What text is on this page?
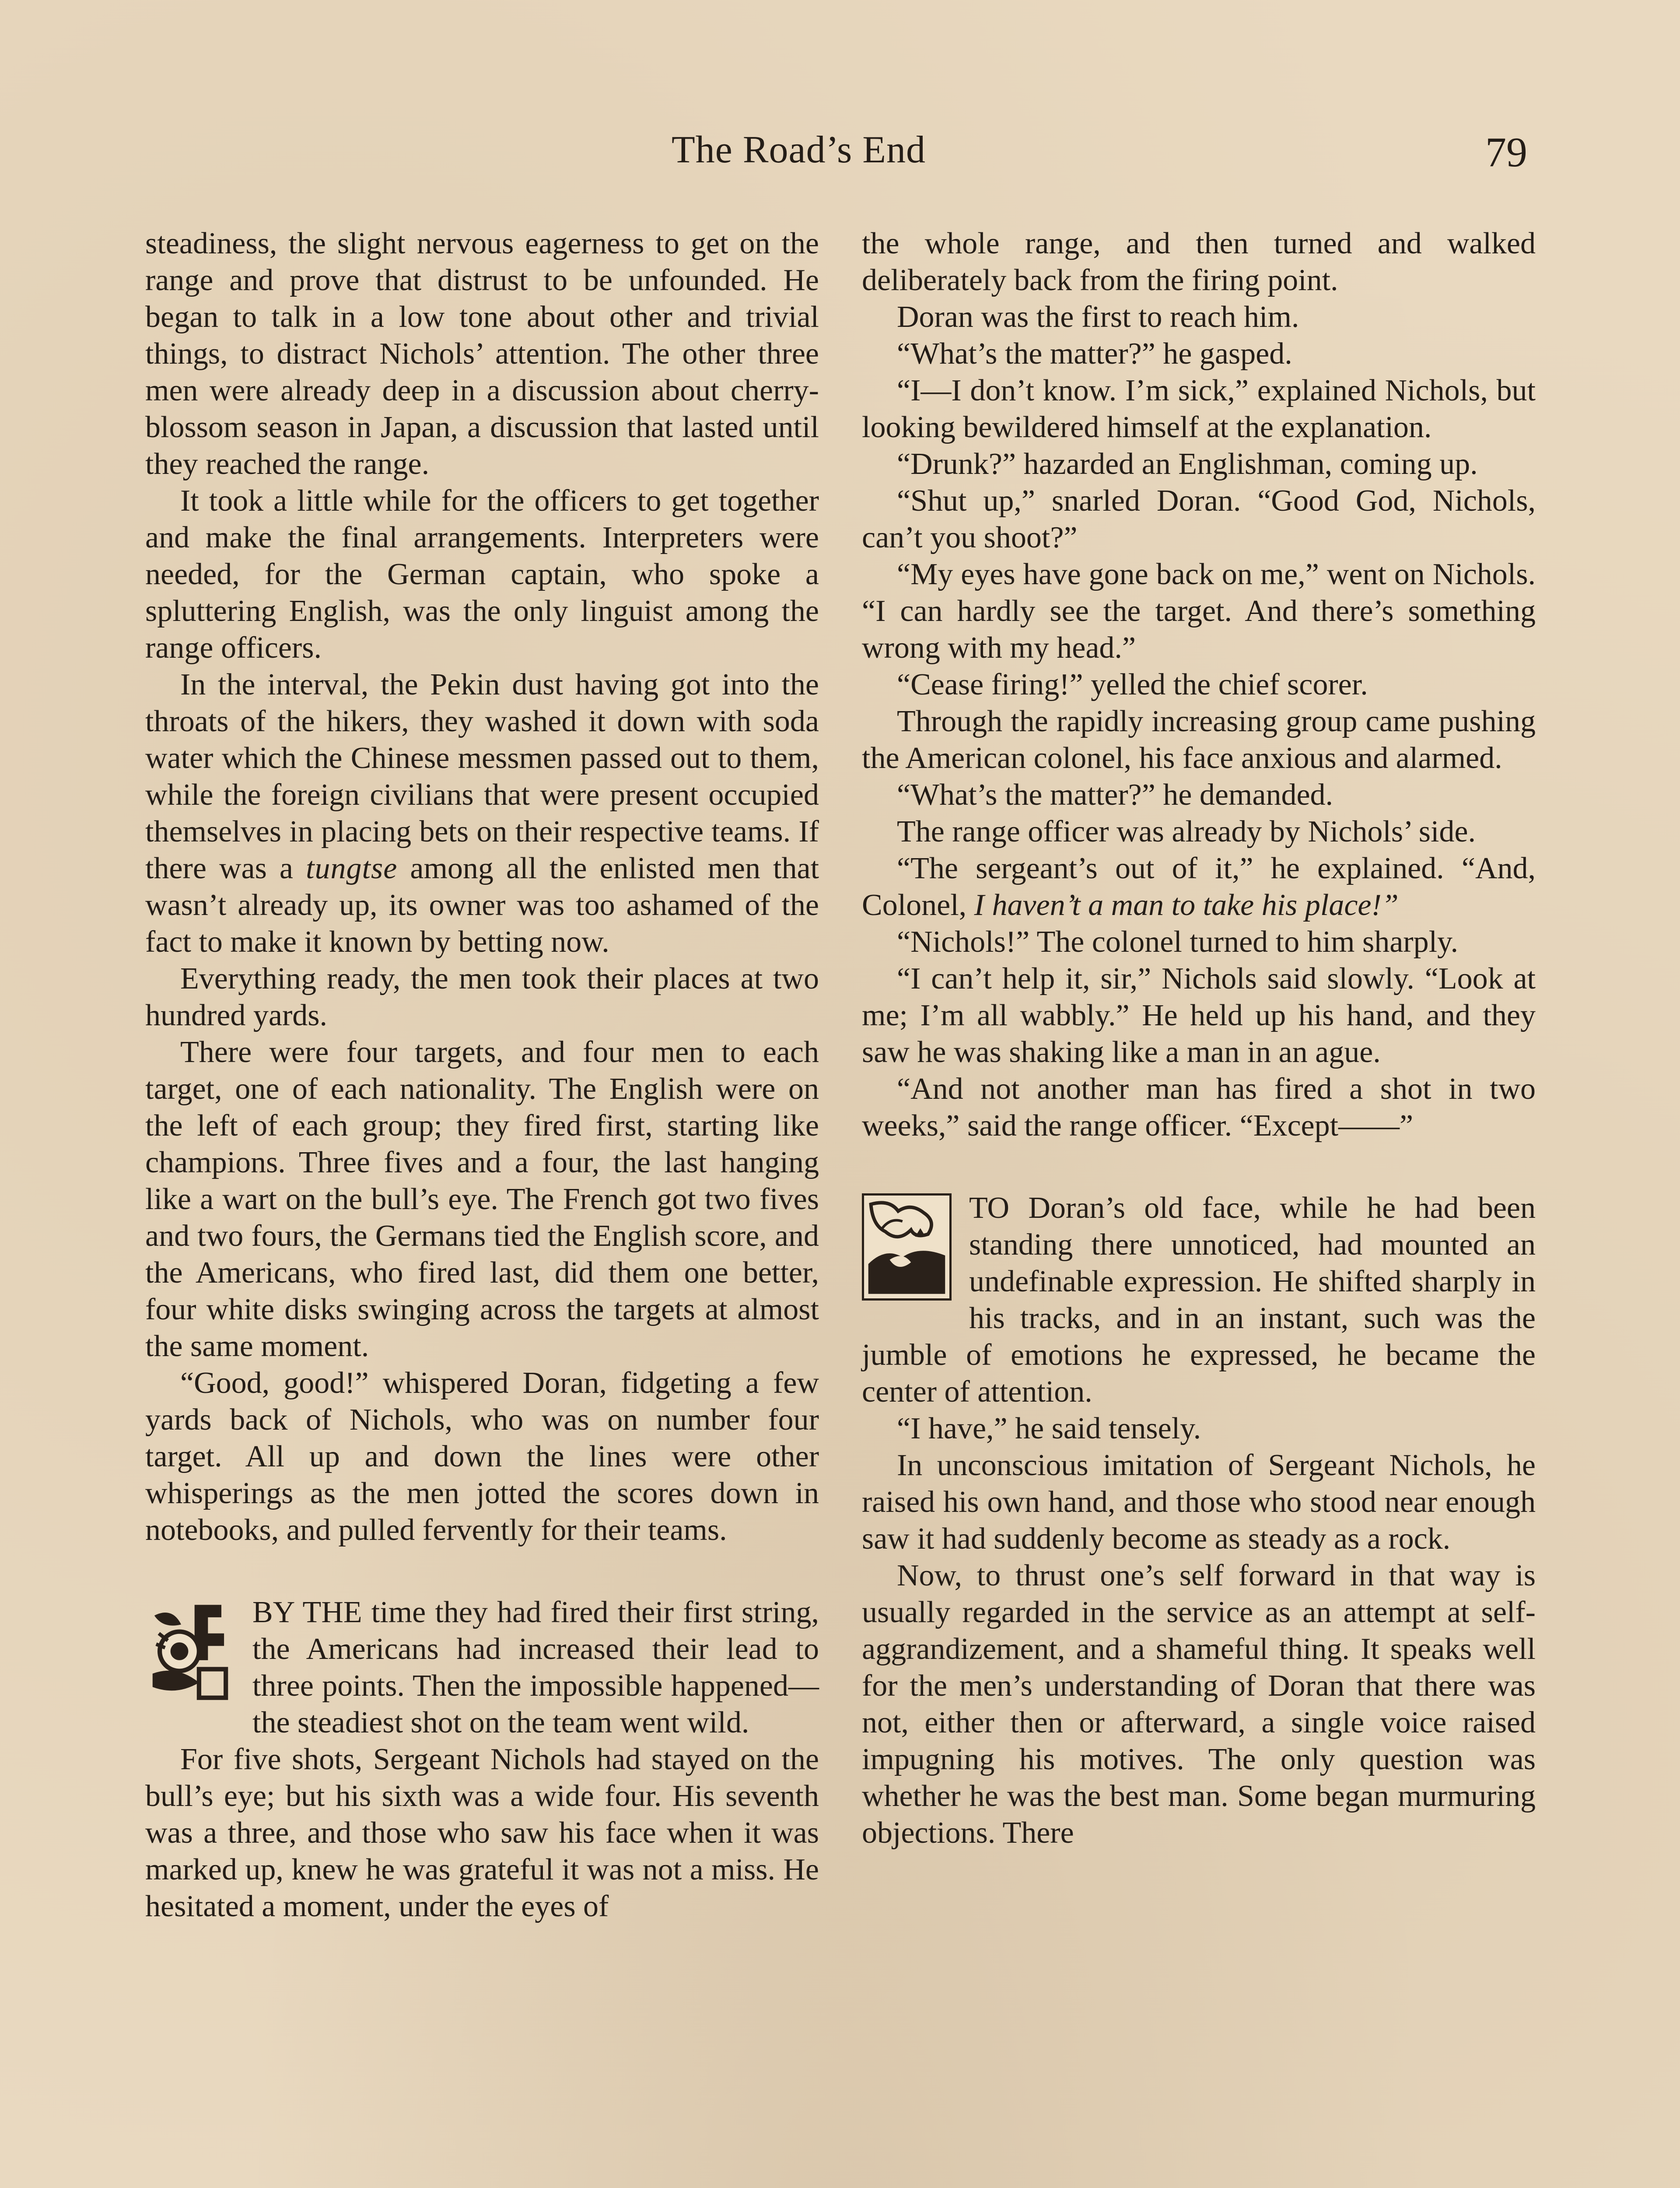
The Road’s End	79

steadiness, the slight nervous eagerness to get on the range and prove that distrust to be unfounded. He began to talk in a low tone about other and trivial things, to distract Nichols’ attention. The other three men were already deep in a discussion about cherry-blossom season in Japan, a discussion that lasted until they reached the range.

It took a little while for the officers to get together and make the final arrangements. Interpreters were needed, for the German captain, who spoke a spluttering English, was the only linguist among the range officers.

In the interval, the Pekin dust having got into the throats of the hikers, they washed it down with soda water which the Chinese messmen passed out to them, while the foreign civilians that were present occupied themselves in placing bets on their respective teams. If there was a tungtse among all the enlisted men that wasn’t already up, its owner was too ashamed of the fact to make it known by betting now.

Everything ready, the men took their places at two hundred yards.

There were four targets, and four men to each target, one of each nationality. The English were on the left of each group; they fired first, starting like champions. Three fives and a four, the last hanging like a wart on the bull’s eye. The French got two fives and two fours, the Germans tied the English score, and the Americans, who fired last, did them one better, four white disks swinging across the targets at almost the same moment.

“Good, good!” whispered Doran, fidgeting a few yards back of Nichols, who was on number four target. All up and down the lines were other whisperings as the men jotted the scores down in notebooks, and pulled fervently for their teams.

BY THE time they had fired their first string, the Americans had increased their lead to three points. Then the impossible happened—the steadiest shot on the team went wild.

For five shots, Sergeant Nichols had stayed on the bull’s eye; but his sixth was a wide four. His seventh was a three, and those who saw his face when it was marked up, knew he was grateful it was not a miss. He hesitated a moment, under the eyes of

the whole range, and then turned and walked deliberately back from the firing point.

Doran was the first to reach him.

“What’s the matter?” he gasped.

“I—I don’t know. I’m sick,” explained Nichols, but looking bewildered himself at the explanation.

“Drunk?” hazarded an Englishman, coming up.

“Shut up,” snarled Doran. “Good God, Nichols, can’t you shoot?”

“My eyes have gone back on me,” went on Nichols. “I can hardly see the target. And there’s something wrong with my head.”

“Cease firing!” yelled the chief scorer.

Through the rapidly increasing group came pushing the American colonel, his face anxious and alarmed.

“What’s the matter?” he demanded.

The range officer was already by Nichols’ side.

“The sergeant’s out of it,” he explained. “And, Colonel, I haven’t a man to take his place!”

“Nichols!” The colonel turned to him sharply.

“I can’t help it, sir,” Nichols said slowly. “Look at me; I’m all wabbly.” He held up his hand, and they saw he was shaking like a man in an ague.

“And not another man has fired a shot in two weeks,” said the range officer. “Except——”

TO Doran’s old face, while he had been standing there unnoticed, had mounted an undefinable expression. He shifted sharply in his tracks, and in an instant, such was the jumble of emotions he expressed, he became the center of attention.

“I have,” he said tensely.

In unconscious imitation of Sergeant Nichols, he raised his own hand, and those who stood near enough saw it had suddenly become as steady as a rock.

Now, to thrust one’s self forward in that way is usually regarded in the service as an attempt at self-aggrandizement, and a shameful thing. It speaks well for the men’s understanding of Doran that there was not, either then or afterward, a single voice raised impugning his motives. The only question was whether he was the best man. Some began murmuring objections. There
